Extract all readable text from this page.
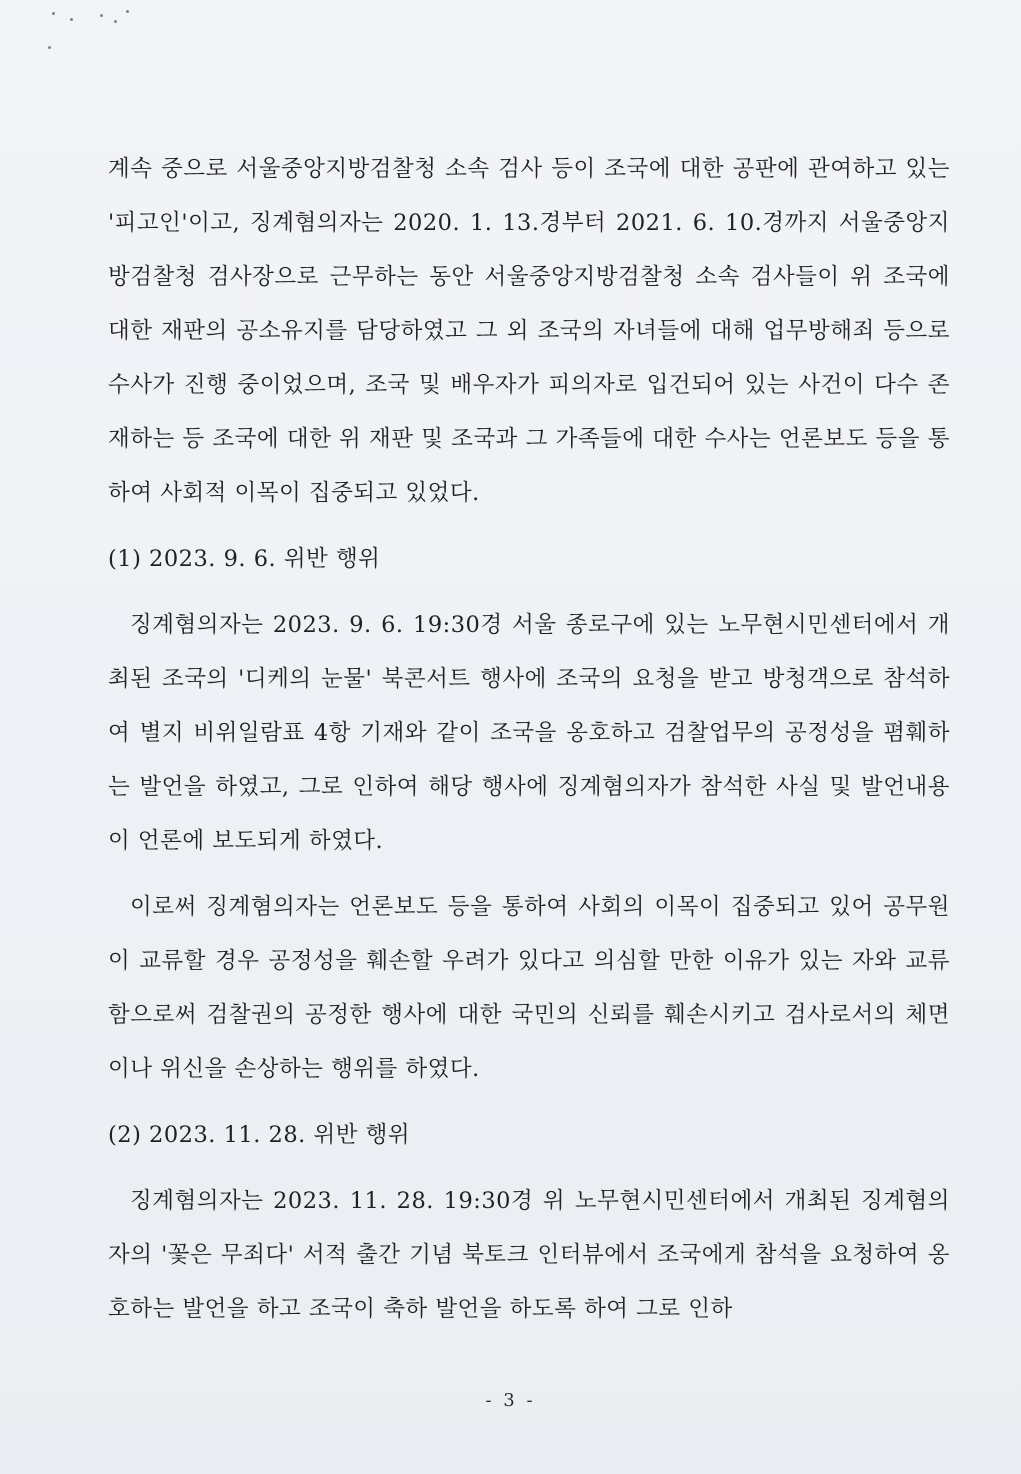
계속 중으로 서울중앙지방검찰청 소속 검사 등이 조국에 대한 공판에 관여하고 있는 '피고인'이고, 징계혐의자는 2020. 1. 13.경부터 2021. 6. 10.경까지 서울중앙지방검찰청 검사장으로 근무하는 동안 서울중앙지방검찰청 소속 검사들이 위 조국에 대한 재판의 공소유지를 담당하였고 그 외 조국의 자녀들에 대해 업무방해죄 등으로 수사가 진행 중이었으며, 조국 및 배우자가 피의자로 입건되어 있는 사건이 다수 존재하는 등 조국에 대한 위 재판 및 조국과 그 가족들에 대한 수사는 언론보도 등을 통하여 사회적 이목이 집중되고 있었다.

(1) 2023. 9. 6. 위반 행위

징계혐의자는 2023. 9. 6. 19:30경 서울 종로구에 있는 노무현시민센터에서 개최된 조국의 '디케의 눈물' 북콘서트 행사에 조국의 요청을 받고 방청객으로 참석하여 별지 비위일람표 4항 기재와 같이 조국을 옹호하고 검찰업무의 공정성을 폄훼하는 발언을 하였고, 그로 인하여 해당 행사에 징계혐의자가 참석한 사실 및 발언내용이 언론에 보도되게 하였다.

이로써 징계혐의자는 언론보도 등을 통하여 사회의 이목이 집중되고 있어 공무원이 교류할 경우 공정성을 훼손할 우려가 있다고 의심할 만한 이유가 있는 자와 교류함으로써 검찰권의 공정한 행사에 대한 국민의 신뢰를 훼손시키고 검사로서의 체면이나 위신을 손상하는 행위를 하였다.

(2) 2023. 11. 28. 위반 행위

징계혐의자는 2023. 11. 28. 19:30경 위 노무현시민센터에서 개최된 징계혐의자의 '꽃은 무죄다' 서적 출간 기념 북토크 인터뷰에서 조국에게 참석을 요청하여 옹호하는 발언을 하고 조국이 축하 발언을 하도록 하여 그로 인하

- 3 -
